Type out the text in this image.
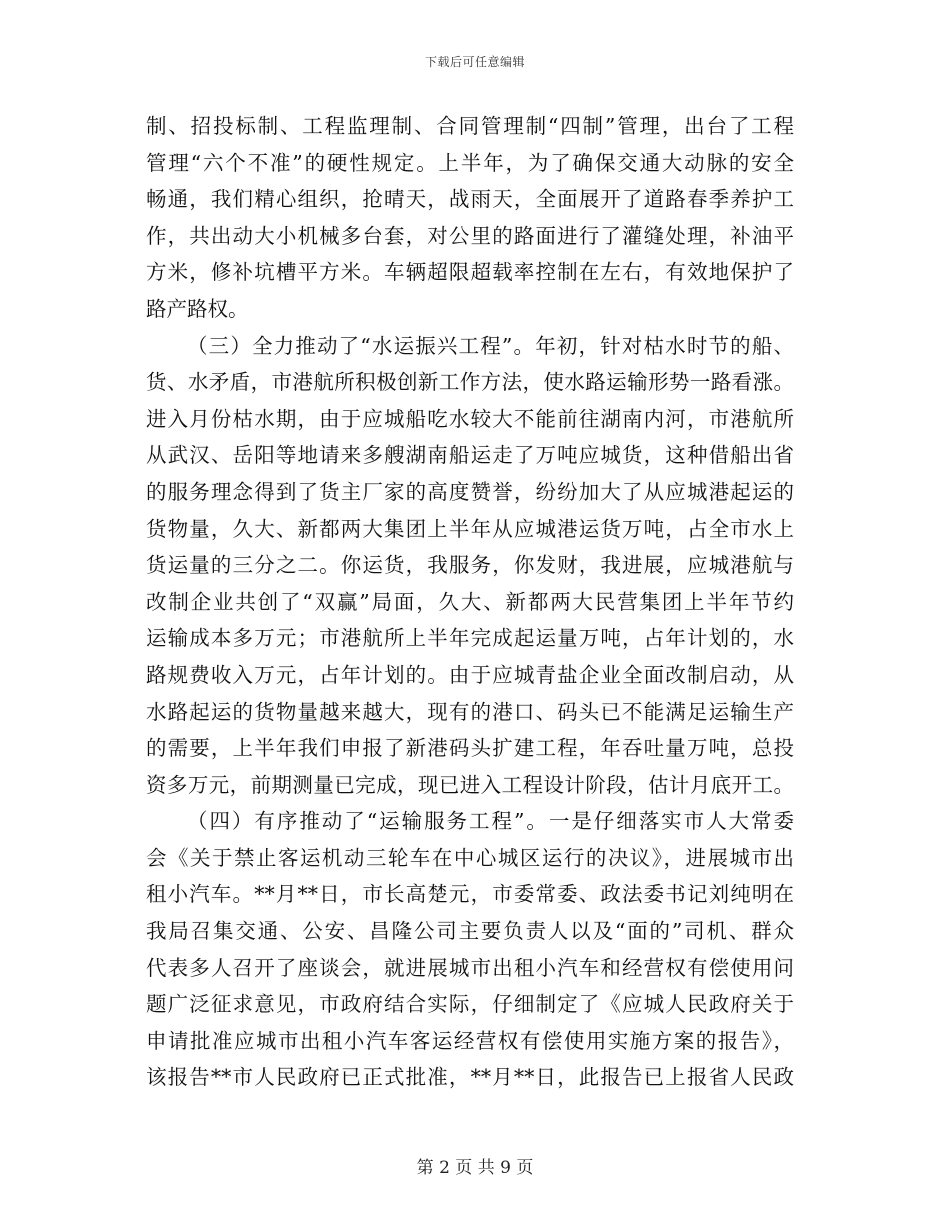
下载后可任意编辑
制、招投标制、工程监理制、合同管理制“四制”管理，出台了工程
管理“六个不准”的硬性规定。上半年，为了确保交通大动脉的安全
畅通，我们精心组织，抢晴天，战雨天，全面展开了道路春季养护工
作，共出动大小机械多台套，对公里的路面进行了灌缝处理，补油平
方米，修补坑槽平方米。车辆超限超载率控制在左右，有效地保护了
路产路权。
（三）全力推动了“水运振兴工程”。年初，针对枯水时节的船、
货、水矛盾，市港航所积极创新工作方法，使水路运输形势一路看涨。
进入月份枯水期，由于应城船吃水较大不能前往湖南内河，市港航所
从武汉、岳阳等地请来多艘湖南船运走了万吨应城货，这种借船出省
的服务理念得到了货主厂家的高度赞誉，纷纷加大了从应城港起运的
货物量，久大、新都两大集团上半年从应城港运货万吨，占全市水上
货运量的三分之二。你运货，我服务，你发财，我进展，应城港航与
改制企业共创了“双赢”局面，久大、新都两大民营集团上半年节约
运输成本多万元；市港航所上半年完成起运量万吨，占年计划的，水
路规费收入万元，占年计划的。由于应城青盐企业全面改制启动，从
水路起运的货物量越来越大，现有的港口、码头已不能满足运输生产
的需要，上半年我们申报了新港码头扩建工程，年吞吐量万吨，总投
资多万元，前期测量已完成，现已进入工程设计阶段，估计月底开工。
（四）有序推动了“运输服务工程”。一是仔细落实市人大常委
会《关于禁止客运机动三轮车在中心城区运行的决议》，进展城市出
租小汽车。**月**日，市长高楚元，市委常委、政法委书记刘纯明在
我局召集交通、公安、昌隆公司主要负责人以及“面的”司机、群众
代表多人召开了座谈会，就进展城市出租小汽车和经营权有偿使用问
题广泛征求意见，市政府结合实际，仔细制定了《应城人民政府关于
申请批准应城市出租小汽车客运经营权有偿使用实施方案的报告》，
该报告**市人民政府已正式批准，**月**日，此报告已上报省人民政
第 2 页 共 9 页
